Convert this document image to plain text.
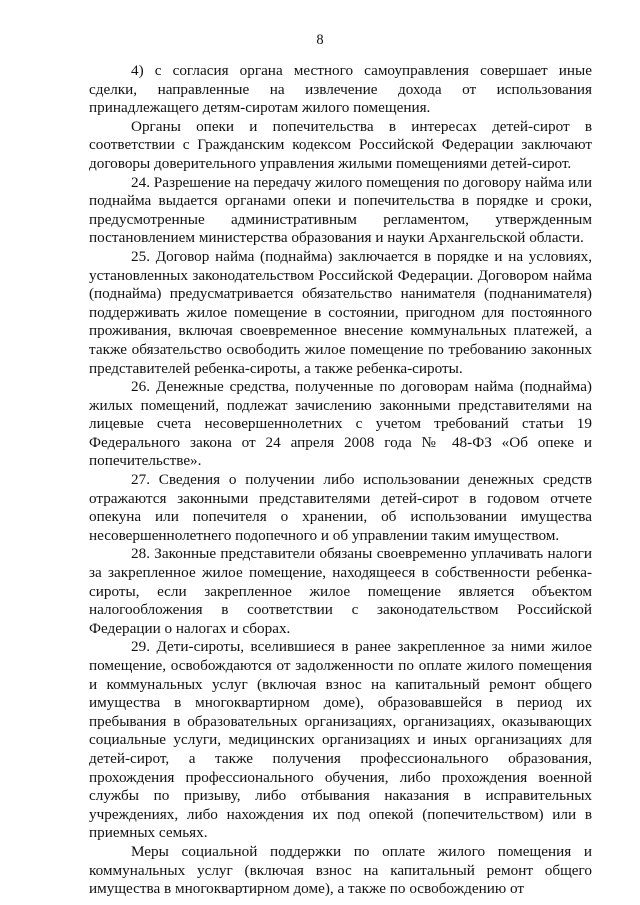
8

4) с согласия органа местного самоуправления совершает иные сделки, направленные на извлечение дохода от использования принадлежащего детям-сиротам жилого помещения.

Органы опеки и попечительства в интересах детей-сирот в соответствии с Гражданским кодексом Российской Федерации заключают договоры доверительного управления жилыми помещениями детей-сирот.

24. Разрешение на передачу жилого помещения по договору найма или поднайма выдается органами опеки и попечительства в порядке и сроки, предусмотренные административным регламентом, утвержденным постановлением министерства образования и науки Архангельской области.

25. Договор найма (поднайма) заключается в порядке и на условиях, установленных законодательством Российской Федерации. Договором найма (поднайма) предусматривается обязательство нанимателя (поднанимателя) поддерживать жилое помещение в состоянии, пригодном для постоянного проживания, включая своевременное внесение коммунальных платежей, а также обязательство освободить жилое помещение по требованию законных представителей ребенка-сироты, а также ребенка-сироты.

26. Денежные средства, полученные по договорам найма (поднайма) жилых помещений, подлежат зачислению законными представителями на лицевые счета несовершеннолетних с учетом требований статьи 19 Федерального закона от 24 апреля 2008 года № 48-ФЗ «Об опеке и попечительстве».

27. Сведения о получении либо использовании денежных средств отражаются законными представителями детей-сирот в годовом отчете опекуна или попечителя о хранении, об использовании имущества несовершеннолетнего подопечного и об управлении таким имуществом.

28. Законные представители обязаны своевременно уплачивать налоги за закрепленное жилое помещение, находящееся в собственности ребенка-сироты, если закрепленное жилое помещение является объектом налогообложения в соответствии с законодательством Российской Федерации о налогах и сборах.

29. Дети-сироты, вселившиеся в ранее закрепленное за ними жилое помещение, освобождаются от задолженности по оплате жилого помещения и коммунальных услуг (включая взнос на капитальный ремонт общего имущества в многоквартирном доме), образовавшейся в период их пребывания в образовательных организациях, организациях, оказывающих социальные услуги, медицинских организациях и иных организациях для детей-сирот, а также получения профессионального образования, прохождения профессионального обучения, либо прохождения военной службы по призыву, либо отбывания наказания в исправительных учреждениях, либо нахождения их под опекой (попечительством) или в приемных семьях.

Меры социальной поддержки по оплате жилого помещения и коммунальных услуг (включая взнос на капитальный ремонт общего имущества в многоквартирном доме), а также по освобождению от
